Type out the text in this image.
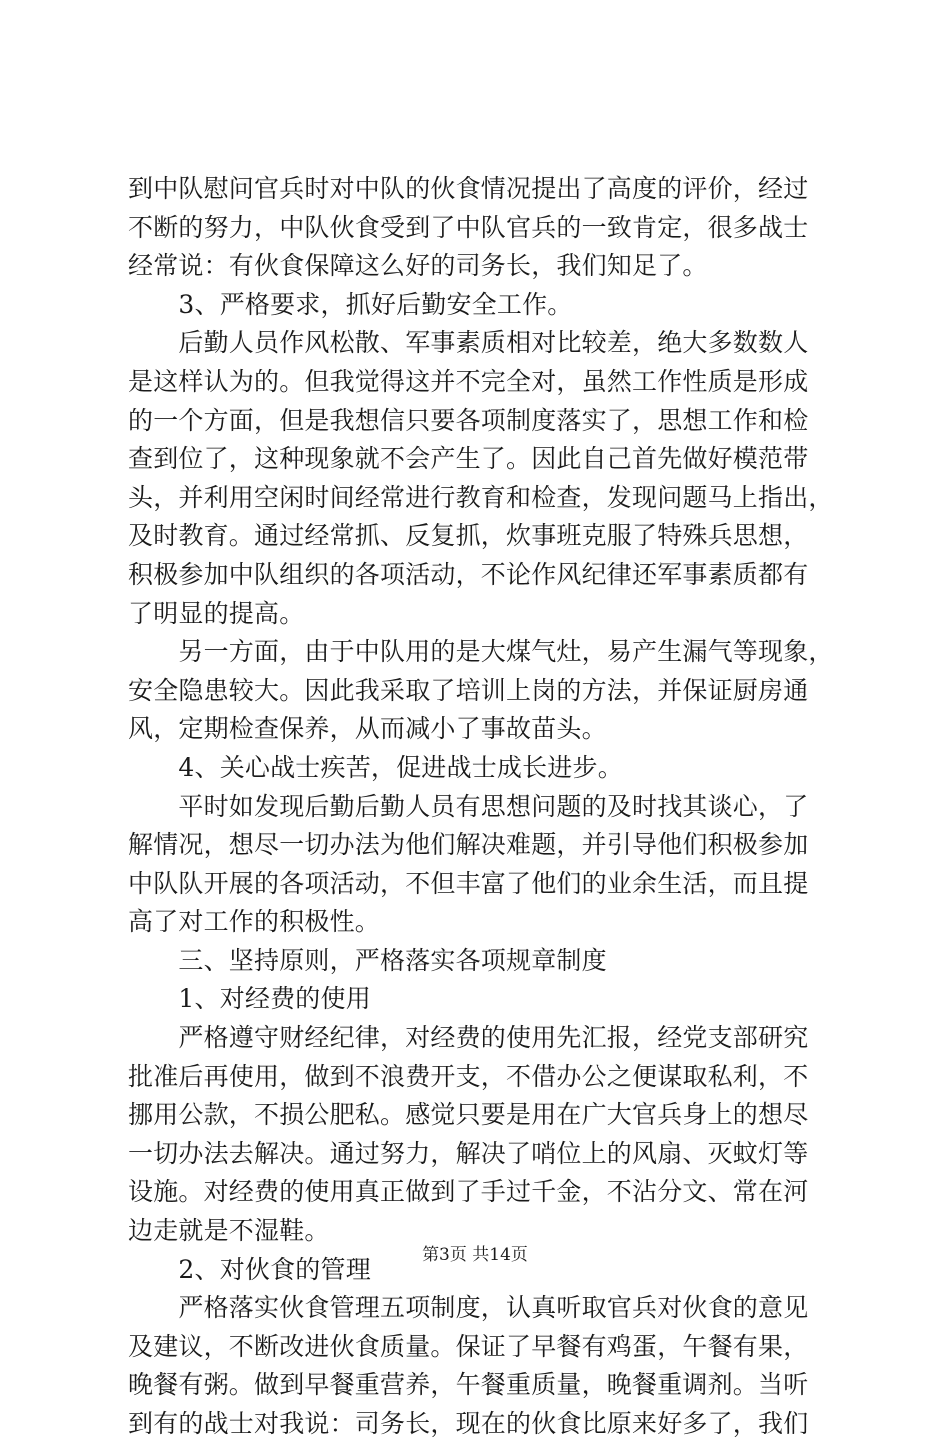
到中队慰问官兵时对中队的伙食情况提出了高度的评价，经过
不断的努力，中队伙食受到了中队官兵的一致肯定，很多战士
经常说：有伙食保障这么好的司务长，我们知足了。
　　3、严格要求，抓好后勤安全工作。
　　后勤人员作风松散、军事素质相对比较差，绝大多数数人
是这样认为的。但我觉得这并不完全对，虽然工作性质是形成
的一个方面，但是我想信只要各项制度落实了，思想工作和检
查到位了，这种现象就不会产生了。因此自己首先做好模范带
头，并利用空闲时间经常进行教育和检查，发现问题马上指出，
及时教育。通过经常抓、反复抓，炊事班克服了特殊兵思想，
积极参加中队组织的各项活动，不论作风纪律还军事素质都有
了明显的提高。
　　另一方面，由于中队用的是大煤气灶，易产生漏气等现象，
安全隐患较大。因此我采取了培训上岗的方法，并保证厨房通
风，定期检查保养，从而减小了事故苗头。
　　4、关心战士疾苦，促进战士成长进步。
　　平时如发现后勤后勤人员有思想问题的及时找其谈心，了
解情况，想尽一切办法为他们解决难题，并引导他们积极参加
中队队开展的各项活动，不但丰富了他们的业余生活，而且提
高了对工作的积极性。
　　三、坚持原则，严格落实各项规章制度
　　1、对经费的使用
　　严格遵守财经纪律，对经费的使用先汇报，经党支部研究
批准后再使用，做到不浪费开支，不借办公之便谋取私利，不
挪用公款，不损公肥私。感觉只要是用在广大官兵身上的想尽
一切办法去解决。通过努力，解决了哨位上的风扇、灭蚊灯等
设施。对经费的使用真正做到了手过千金，不沾分文、常在河
边走就是不湿鞋。
　　2、对伙食的管理
　　严格落实伙食管理五项制度，认真听取官兵对伙食的意见
及建议，不断改进伙食质量。保证了早餐有鸡蛋，午餐有果，
晚餐有粥。做到早餐重营养，午餐重质量，晚餐重调剂。当听
到有的战士对我说：司务长，现在的伙食比原来好多了，我们
第3页 共14页
